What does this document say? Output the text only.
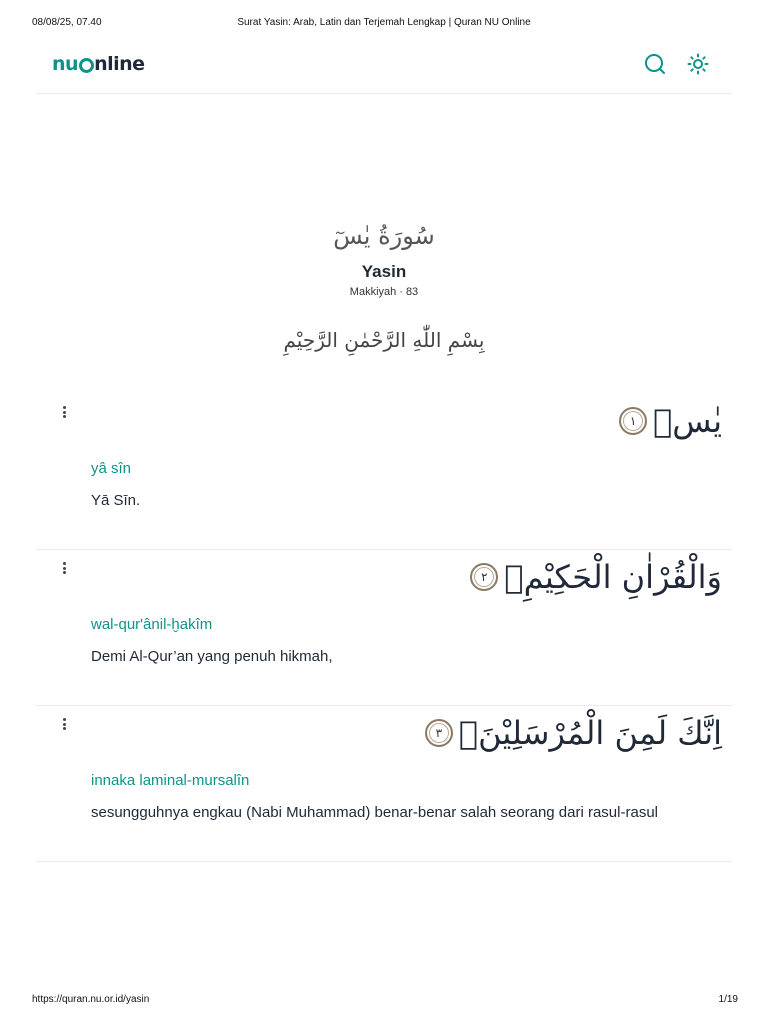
08/08/25, 07.40	Surat Yasin: Arab, Latin dan Terjemah Lengkap | Quran NU Online
nu nline
سُورَةُ يٰسٓ
Yasin
Makkiyah · 83
بِسْمِ اللّٰهِ الرَّحْمٰنِ الرَّحِيْمِ
يٰسۤ
١
yâ sîn
Yā Sīn.
وَالْقُرْاٰنِ الْحَكِيْمِۙ
٢
wal-qur'ânil-ḫakîm
Demi Al-Qur’an yang penuh hikmah,
اِنَّكَ لَمِنَ الْمُرْسَلِيْنَۙ
٣
innaka laminal-mursalîn
sesungguhnya engkau (Nabi Muhammad) benar-benar salah seorang dari rasul-rasul
https://quran.nu.or.id/yasin	1/19
